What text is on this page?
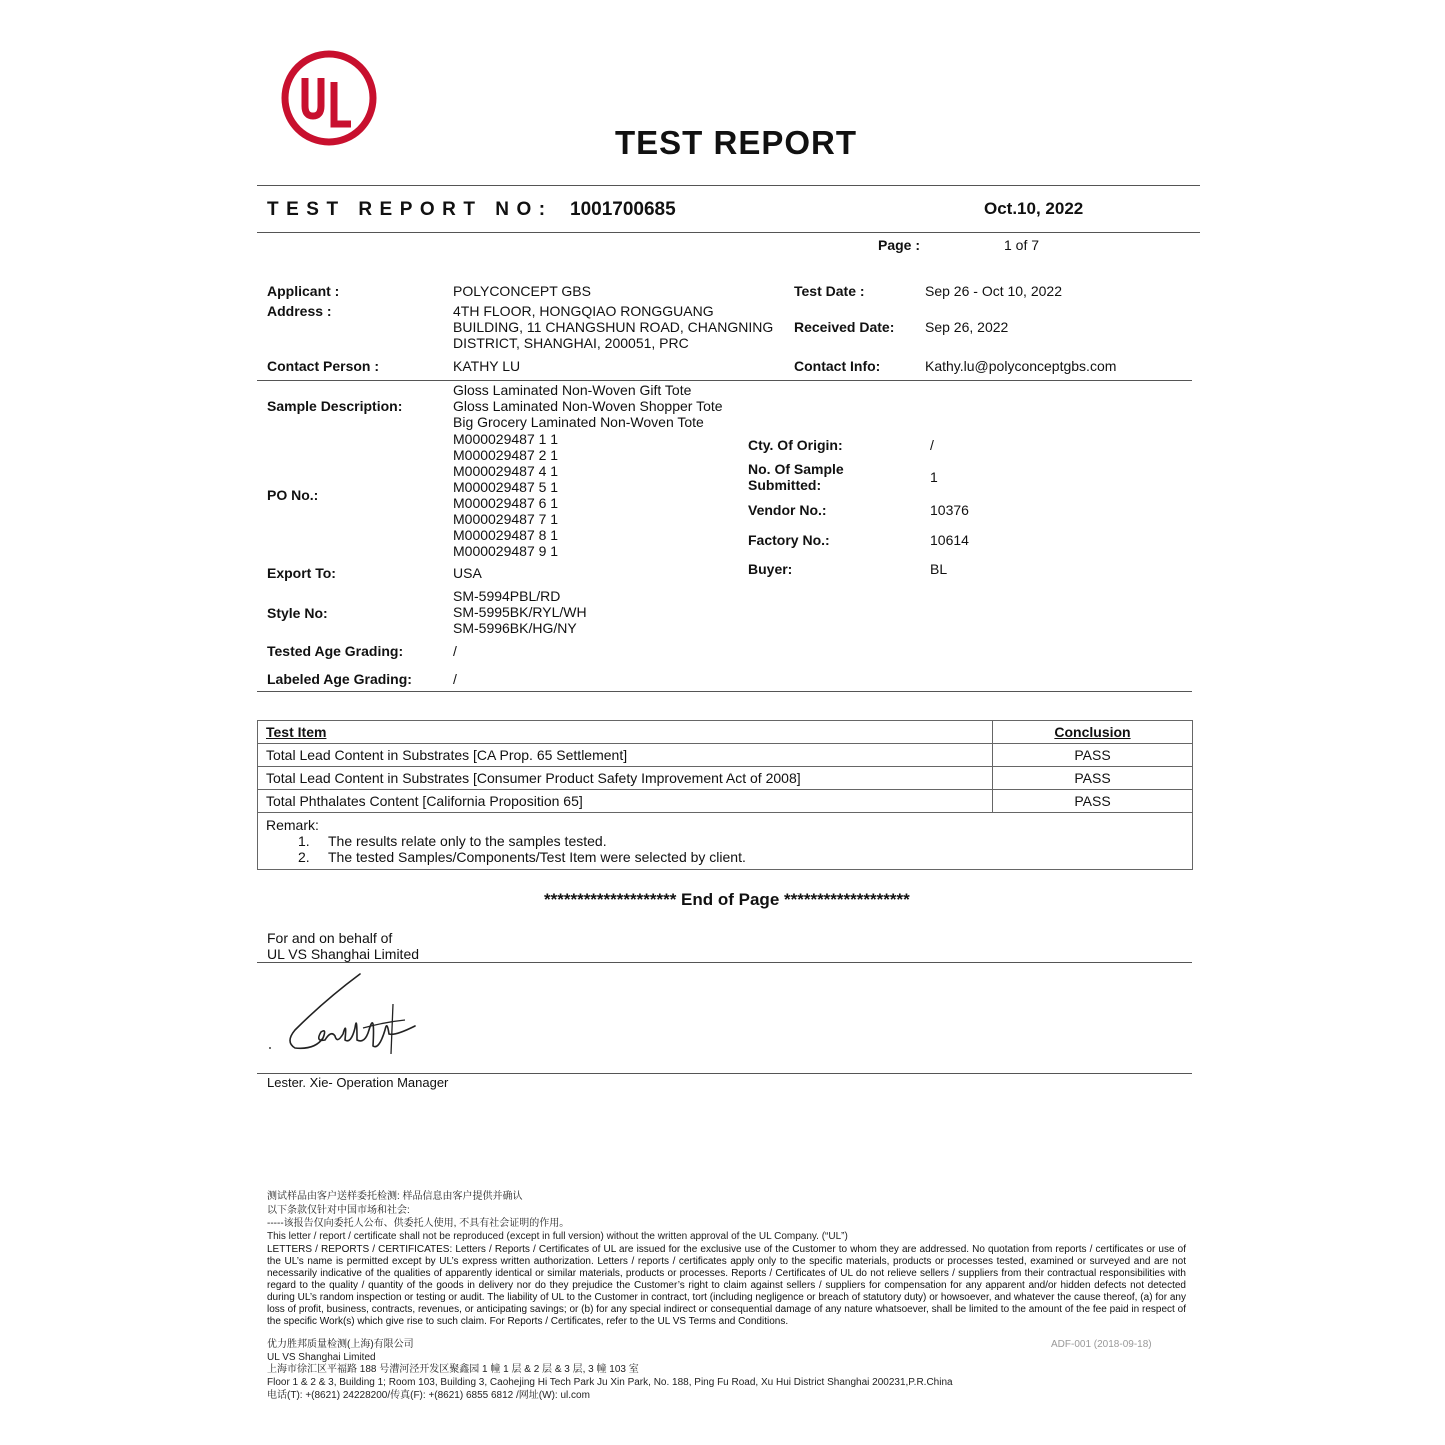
TEST REPORT
TEST REPORT NO: 1001700685	Oct.10, 2022
Page :	1 of 7
Applicant :	POLYCONCEPT GBS
Address :	4TH FLOOR, HONGQIAO RONGGUANG
BUILDING, 11 CHANGSHUN ROAD, CHANGNING
DISTRICT, SHANGHAI, 200051, PRC
Contact Person :	KATHY LU
Test Date :	Sep 26 - Oct 10, 2022
Received Date: Sep 26, 2022
Contact Info:	Kathy.lu@polyconceptgbs.com
Sample Description:
Gloss Laminated Non-Woven Gift Tote
Gloss Laminated Non-Woven Shopper Tote
Big Grocery Laminated Non-Woven Tote
PO No.:
M000029487 1 1
M000029487 2 1
M000029487 4 1
M000029487 5 1
M000029487 6 1
M000029487 7 1
M000029487 8 1
M000029487 9 1
Cty. Of Origin:	/
No. Of Sample
Submitted:	1
Vendor No.:	10376
Factory No.:	10614
Buyer:	BL
Export To:	USA
Style No:
SM-5994PBL/RD
SM-5995BK/RYL/WH
SM-5996BK/HG/NY
Tested Age Grading:	/
Labeled Age Grading:	/
Test Item	Conclusion
Total Lead Content in Substrates [CA Prop. 65 Settlement]	PASS
Total Lead Content in Substrates [Consumer Product Safety Improvement Act of 2008]	PASS
Total Phthalates Content [California Proposition 65]	PASS

Remark:
1. The results relate only to the samples tested.
2. The tested Samples/Components/Test Item were selected by client.	
******************** End of Page *******************
For and on behalf of
UL VS Shanghai Limited
Lester. Xie- Operation Manager
测试样品由客户送样委托检测: 样品信息由客户提供并确认
以下条款仅针对中国市场和社会:
-----该报告仅向委托人公布、供委托人使用, 不具有社会证明的作用。
This letter / report / certificate shall not be reproduced (except in full version) without the written approval of the UL Company. (“UL”)
LETTERS / REPORTS / CERTIFICATES: Letters / Reports / Certificates of UL are issued for the exclusive use of the Customer to whom they are addressed. No quotation from reports / certificates or use of the UL’s name is permitted except by UL’s express written authorization. Letters / reports / certificates apply only to the specific materials, products or processes tested, examined or surveyed and are not necessarily indicative of the qualities of apparently identical or similar materials, products or processes. Reports / Certificates of UL do not relieve sellers / suppliers from their contractual responsibilities with regard to the quality / quantity of the goods in delivery nor do they prejudice the Customer’s right to claim against sellers / suppliers for compensation for any apparent and/or hidden defects not detected during UL’s random inspection or testing or audit. The liability of UL to the Customer in contract, tort (including negligence or breach of statutory duty) or howsoever, and whatever the cause thereof, (a) for any loss of profit, business, contracts, revenues, or anticipating savings; or (b) for any special indirect or consequential damage of any nature whatsoever, shall be limited to the amount of the fee paid in respect of the specific Work(s) which give rise to such claim. For Reports / Certificates, refer to the UL VS Terms and Conditions.
优力胜邦质量检测(上海)有限公司
UL VS Shanghai Limited
ADF-001 (2018-09-18)
上海市徐汇区平福路 188 号漕河泾开发区聚鑫园 1 幢 1 层 & 2 层 & 3 层, 3 幢 103 室
Floor 1 & 2 & 3, Building 1; Room 103, Building 3, Caohejing Hi Tech Park Ju Xin Park, No. 188, Ping Fu Road, Xu Hui District Shanghai 200231,P.R.China
电话(T): +(8621) 24228200/传真(F): +(8621) 6855 6812 /网址(W): ul.com
